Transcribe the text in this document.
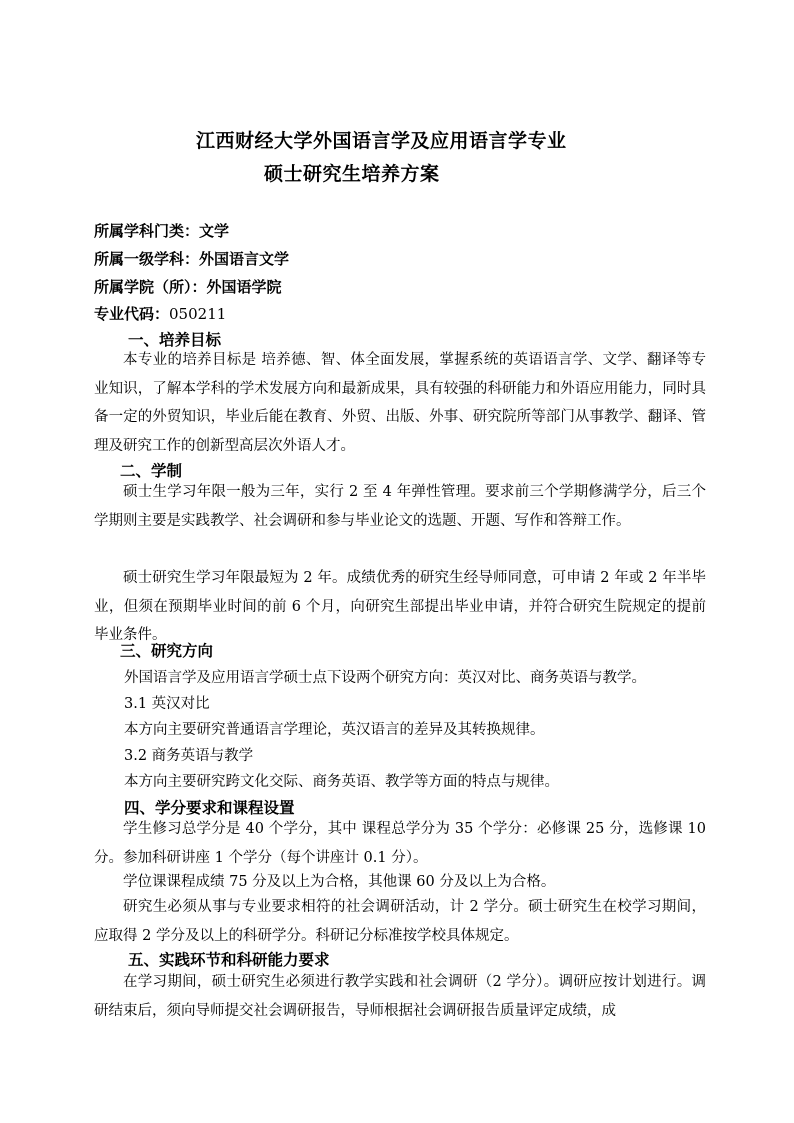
江西财经大学外国语言学及应用语言学专业
硕士研究生培养方案
所属学科门类：文学
所属一级学科：外国语言文学
所属学院（所）：外国语学院
专业代码：050211
一、培养目标

本专业的培养目标是 培养德、智、体全面发展，掌握系统的英语语言学、文学、翻译等专业知识，了解本学科的学术发展方向和最新成果，具有较强的科研能力和外语应用能力，同时具备一定的外贸知识，毕业后能在教育、外贸、出版、外事、研究院所等部门从事教学、翻译、管理及研究工作的创新型高层次外语人才。

二、学制

硕士生学习年限一般为三年，实行 2 至 4 年弹性管理。要求前三个学期修满学分，后三个学期则主要是实践教学、社会调研和参与毕业论文的选题、开题、写作和答辩工作。

硕士研究生学习年限最短为 2 年。成绩优秀的研究生经导师同意，可申请 2 年或 2 年半毕业，但须在预期毕业时间的前 6 个月，向研究生部提出毕业申请，并符合研究生院规定的提前毕业条件。

三、研究方向
外国语言学及应用语言学硕士点下设两个研究方向：英汉对比、商务英语与教学。
3.1 英汉对比
本方向主要研究普通语言学理论，英汉语言的差异及其转换规律。
3.2 商务英语与教学
本方向主要研究跨文化交际、商务英语、教学等方面的特点与规律。
四、学分要求和课程设置

学生修习总学分是 40 个学分，其中 课程总学分为 35 个学分：必修课 25 分，选修课 10 分。参加科研讲座 1 个学分（每个讲座计 0.1 分）。

学位课课程成绩 75 分及以上为合格，其他课 60 分及以上为合格。

研究生必须从事与专业要求相符的社会调研活动，计 2 学分。硕士研究生在校学习期间，应取得 2 学分及以上的科研学分。科研记分标准按学校具体规定。

五、实践环节和科研能力要求

在学习期间，硕士研究生必须进行教学实践和社会调研（2 学分）。调研应按计划进行。调研结束后，须向导师提交社会调研报告，导师根据社会调研报告质量评定成绩，成
